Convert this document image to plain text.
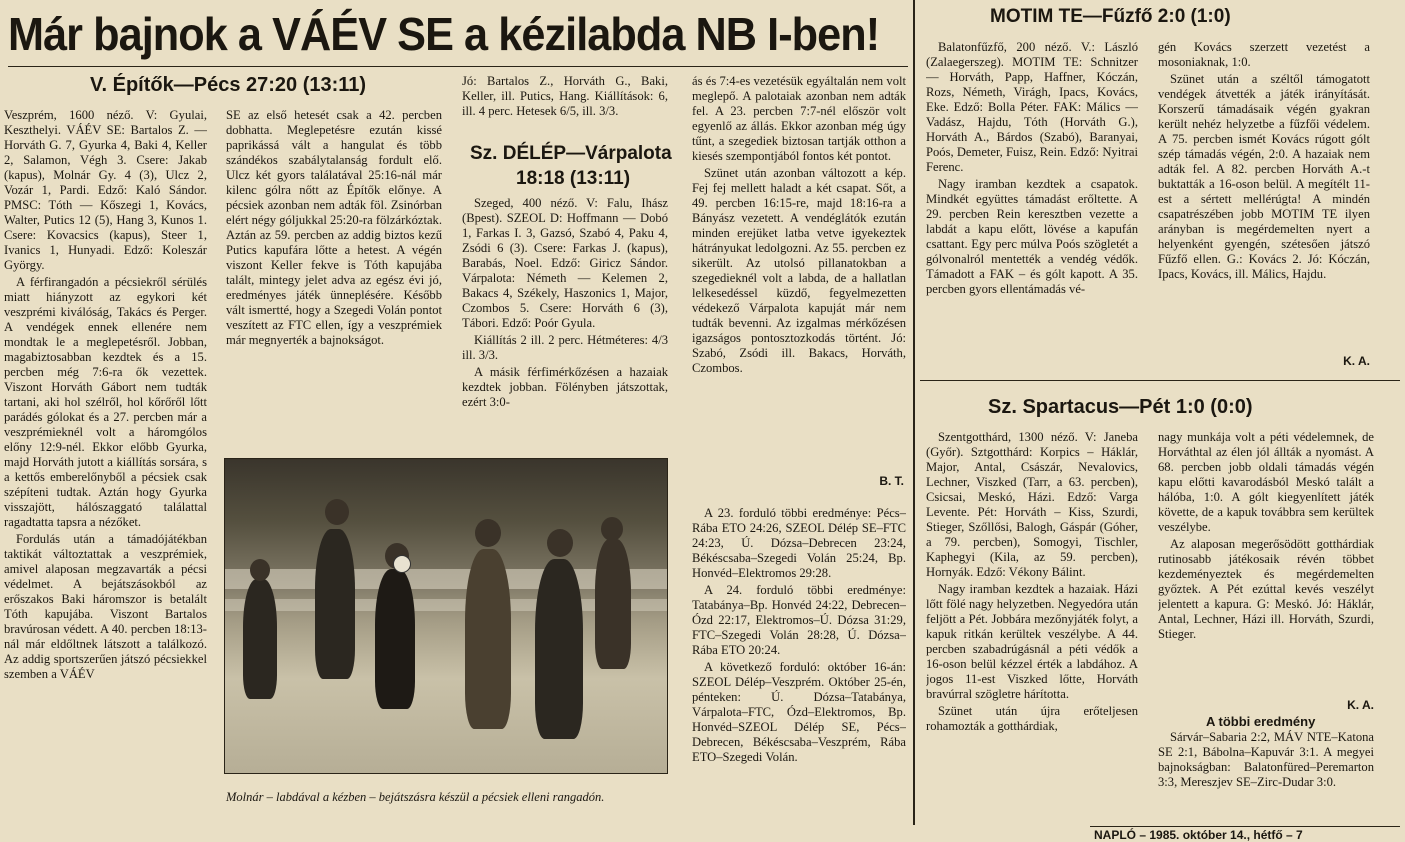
Már bajnok a VÁÉV SE a kézilabda NB I-ben!
V. Építők—Pécs 27:20 (13:11)

Veszprém, 1600 néző. V: Gyulai, Keszthelyi. VÁÉV SE: Bartalos Z. — Horváth G. 7, Gyurka 4, Baki 4, Keller 2, Salamon, Végh 3. Csere: Jakab (kapus), Molnár Gy. 4 (3), Ulcz 2, Vozár 1, Pardi. Edző: Kaló Sándor. PMSC: Tóth — Kőszegi 1, Kovács, Walter, Putics 12 (5), Hang 3, Kunos 1. Csere: Kovacsics (kapus), Steer 1, Ivanics 1, Hunyadi. Edző: Koleszár György.

A férfirangadón a pécsiekről sérülés miatt hiányzott az egykori két veszprémi kiválóság, Takács és Perger. A vendégek ennek ellenére nem mondtak le a meglepetésről. Jobban, magabiztosabban kezdtek és a 15. percben még 7:6-ra ők vezettek. Viszont Horváth Gábort nem tudták tartani, aki hol szélről, hol kőrőről lőtt parádés gólokat és a 27. percben már a veszprémieknél volt a háromgólos előny 12:9-nél. Ekkor előbb Gyurka, majd Horváth jutott a kiállítás sorsára, s a kettős emberelőnyből a pécsiek csak szépíteni tudtak. Aztán hogy Gyurka visszajött, hálószaggató találattal ragadtatta tapsra a nézőket.

Fordulás után a támadójátékban taktikát változtattak a veszprémiek, amivel alaposan megzavarták a pécsi védelmet. A bejátszásokból az erőszakos Baki háromszor is betalált Tóth kapujába. Viszont Bartalos bravúrosan védett. A 40. percben 18:13-nál már eldőltnek látszott a találkozó. Az addig sportszerűen játszó pécsiekkel szemben a VÁÉV

SE az első hetesét csak a 42. percben dobhatta. Meglepetésre ezután kissé paprikássá vált a hangulat és több szándékos szabálytalanság fordult elő. Ulcz két gyors találatával 25:16-nál már kilenc gólra nőtt az Építők előnye. A pécsiek azonban nem adták föl. Zsinórban elért négy góljukkal 25:20-ra fölzárkóztak. Aztán az 59. percben az addig biztos kezű Putics kapufára lőtte a hetest. A végén viszont Keller fekve is Tóth kapujába talált, mintegy jelet adva az egész évi jó, eredményes játék ünneplésére. Később vált ismertté, hogy a Szegedi Volán pontot veszített az FTC ellen, így a veszprémiek már megnyerték a bajnokságot.

Jó: Bartalos Z., Horváth G., Baki, Keller, ill. Putics, Hang. Kiállítások: 6, ill. 4 perc. Hetesek 6/5, ill. 3/3.

Sz. DÉLÉP—Várpalota
18:18 (13:11)

Szeged, 400 néző. V: Falu, Ihász (Bpest). SZEOL D: Hoffmann — Dobó 1, Farkas I. 3, Gazsó, Szabó 4, Paku 4, Zsódi 6 (3). Csere: Farkas J. (kapus), Barabás, Noel. Edző: Giricz Sándor. Várpalota: Németh — Kelemen 2, Bakacs 4, Székely, Haszonics 1, Major, Czombos 5. Csere: Horváth 6 (3), Tábori. Edző: Poór Gyula.

Kiállítás 2 ill. 2 perc. Hétméteres: 4/3 ill. 3/3.

A másik férfimérkőzésen a hazaiak kezdtek jobban. Fölényben játszottak, ezért 3:0-

ás és 7:4-es vezetésük egyáltalán nem volt meglepő. A palotaiak azonban nem adták fel. A 23. percben 7:7-nél először volt egyenlő az állás. Ekkor azonban még úgy tűnt, a szegediek biztosan tartják otthon a kiesés szempontjából fontos két pontot.

Szünet után azonban változott a kép. Fej fej mellett haladt a két csapat. Sőt, a 49. percben 16:15-re, majd 18:16-ra a Bányász vezetett. A vendéglátók ezután minden erejüket latba vetve igyekeztek hátrányukat ledolgozni. Az 55. percben ez sikerült. Az utolsó pillanatokban a szegedieknél volt a labda, de a hallatlan lelkesedéssel küzdő, fegyelmezetten védekező Várpalota kapuját már nem tudták bevenni. Az izgalmas mérkőzésen igazságos pontosztozkodás történt. Jó: Szabó, Zsódi ill. Bakacs, Horváth, Czombos.

B. T.
Molnár – labdával a kézben – bejátszásra készül a pécsiek elleni rangadón.

A 23. forduló többi eredménye: Pécs–Rába ETO 24:26, SZEOL Délép SE–FTC 24:23, Ú. Dózsa–Debrecen 23:24, Békéscsaba–Szegedi Volán 25:24, Bp. Honvéd–Elektromos 29:28.

A 24. forduló többi eredménye: Tatabánya–Bp. Honvéd 24:22, Debrecen–Ózd 22:17, Elektromos–Ú. Dózsa 31:29, FTC–Szegedi Volán 28:28, Ú. Dózsa–Rába ETO 20:24.

A következő forduló: október 16-án: SZEOL Délép–Veszprém. Október 25-én, pénteken: Ú. Dózsa–Tatabánya, Várpalota–FTC, Ózd–Elektromos, Bp. Honvéd–SZEOL Délép SE, Pécs–Debrecen, Békéscsaba–Veszprém, Rába ETO–Szegedi Volán.

MOTIM TE—Fűzfő 2:0 (1:0)

Balatonfűzfő, 200 néző. V.: László (Zalaegerszeg). MOTIM TE: Schnitzer — Horváth, Papp, Haffner, Kóczán, Rozs, Németh, Virágh, Ipacs, Kovács, Eke. Edző: Bolla Péter. FAK: Málics — Vadász, Hajdu, Tóth (Horváth G.), Horváth A., Bárdos (Szabó), Baranyai, Poós, Demeter, Fuisz, Rein. Edző: Nyitrai Ferenc.

Nagy iramban kezdtek a csapatok. Mindkét együttes támadást erőltette. A 29. percben Rein keresztben vezette a labdát a kapu előtt, lövése a kapufán csattant. Egy perc múlva Poós szögletét a gólvonalról mentették a vendég védők. Támadott a FAK – és gólt kapott. A 35. percben gyors ellentámadás vé-

gén Kovács szerzett vezetést a mosoniaknak, 1:0.

Szünet után a széltől támogatott vendégek átvették a játék irányítását. Korszerű támadásaik végén gyakran került nehéz helyzetbe a fűzfői védelem. A 75. percben ismét Kovács rúgott gólt szép támadás végén, 2:0. A hazaiak nem adták fel. A 82. percben Horváth A.-t buktatták a 16-oson belül. A megítélt 11-est a sértett mellérúgta! A mindén csapatrészében jobb MOTIM TE ilyen arányban is megérdemelten nyert a helyenként gyengén, szétesően játszó Fűzfő ellen. G.: Kovács 2. Jó: Kóczán, Ipacs, Kovács, ill. Málics, Hajdu.

K. A.
Sz. Spartacus—Pét 1:0 (0:0)

Szentgotthárd, 1300 néző. V: Janeba (Győr). Sztgotthárd: Korpics – Háklár, Major, Antal, Császár, Nevalovics, Lechner, Viszked (Tarr, a 63. percben), Csicsai, Meskó, Házi. Edző: Varga Levente. Pét: Horváth – Kiss, Szurdi, Stieger, Szőllősi, Balogh, Gáspár (Góher, a 79. percben), Somogyi, Tischler, Kaphegyi (Kila, az 59. percben), Hornyák. Edző: Vékony Bálint.

Nagy iramban kezdtek a hazaiak. Házi lőtt fölé nagy helyzetben. Negyedóra után feljött a Pét. Jobbára mezőnyjáték folyt, a kapuk ritkán kerültek veszélybe. A 44. percben szabadrúgásnál a péti védők a 16-oson belül kézzel érték a labdához. A jogos 11-est Viszked lőtte, Horváth bravúrral szögletre hárította.

Szünet után újra erőteljesen rohamozták a gotthárdiak,

nagy munkája volt a péti védelemnek, de Horváthtal az élen jól állták a nyomást. A 68. percben jobb oldali támadás végén kapu előtti kavarodásból Meskó talált a hálóba, 1:0. A gólt kiegyenlített játék követte, de a kapuk továbbra sem kerültek veszélybe.

Az alaposan megerősödött gotthárdiak rutinosabb játékosaik révén többet kezdeményeztek és megérdemelten győztek. A Pét ezúttal kevés veszélyt jelentett a kapura. G: Meskó. Jó: Háklár, Antal, Lechner, Házi ill. Horváth, Szurdi, Stieger.

K. A.
A többi eredmény

Sárvár–Sabaria 2:2, MÁV NTE–Katona SE 2:1, Bábolna–Kapuvár 3:1. A megyei bajnokságban: Balatonfüred–Peremarton 3:3, Mereszjev SE–Zirc-Dudar 3:0.

NAPLÓ – 1985. október 14., hétfő – 7
